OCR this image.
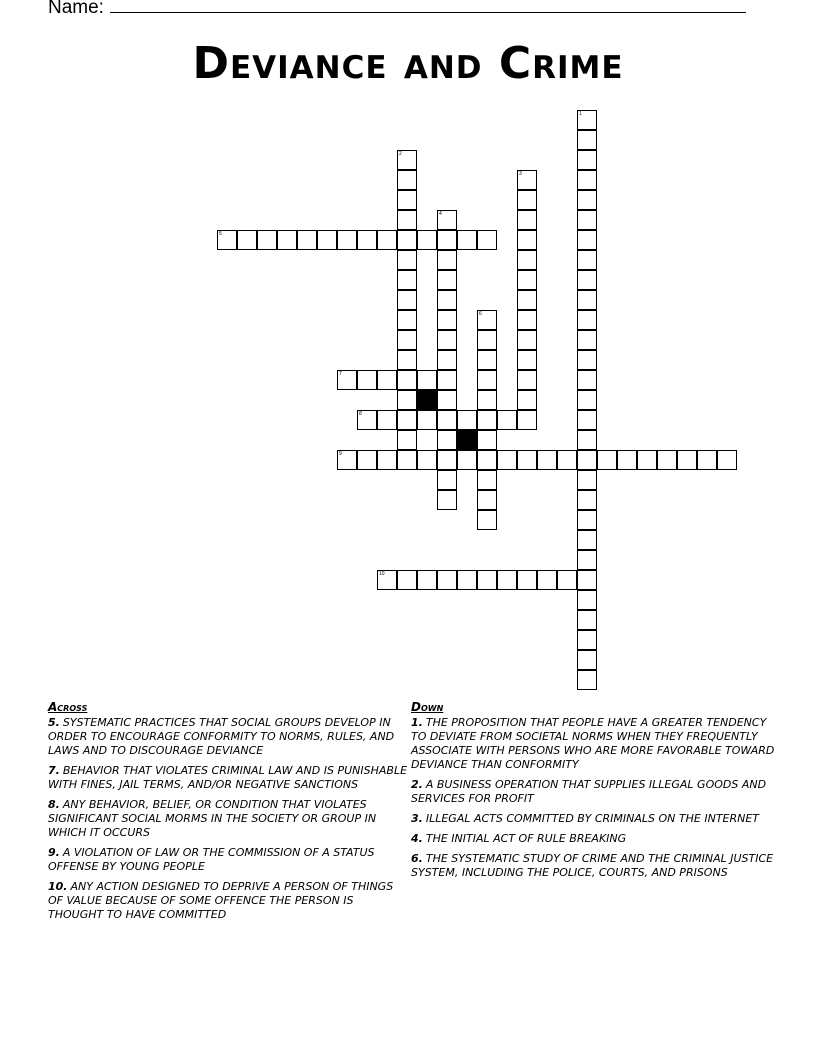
Name:
Deviance and Crime
1
2
3
4
6
5
7
8
9
10
Across
5. SYSTEMATIC PRACTICES THAT SOCIAL GROUPS DEVELOP IN ORDER TO ENCOURAGE CONFORMITY TO NORMS, RULES, AND LAWS AND TO DISCOURAGE DEVIANCE
7. BEHAVIOR THAT VIOLATES CRIMINAL LAW AND IS PUNISHABLE WITH FINES, JAIL TERMS, AND/OR NEGATIVE SANCTIONS
8. ANY BEHAVIOR, BELIEF, OR CONDITION THAT VIOLATES SIGNIFICANT SOCIAL MORMS IN THE SOCIETY OR GROUP IN WHICH IT OCCURS
9. A VIOLATION OF LAW OR THE COMMISSION OF A STATUS OFFENSE BY YOUNG PEOPLE
10. ANY ACTION DESIGNED TO DEPRIVE A PERSON OF THINGS OF VALUE BECAUSE OF SOME OFFENCE THE PERSON IS THOUGHT TO HAVE COMMITTED
Down
1. THE PROPOSITION THAT PEOPLE HAVE A GREATER TENDENCY TO DEVIATE FROM SOCIETAL NORMS WHEN THEY FREQUENTLY ASSOCIATE WITH PERSONS WHO ARE MORE FAVORABLE TOWARD DEVIANCE THAN CONFORMITY
2. A BUSINESS OPERATION THAT SUPPLIES ILLEGAL GOODS AND SERVICES FOR PROFIT
3. ILLEGAL ACTS COMMITTED BY CRIMINALS ON THE INTERNET
4. THE INITIAL ACT OF RULE BREAKING
6. THE SYSTEMATIC STUDY OF CRIME AND THE CRIMINAL JUSTICE SYSTEM, INCLUDING THE POLICE, COURTS, AND PRISONS
